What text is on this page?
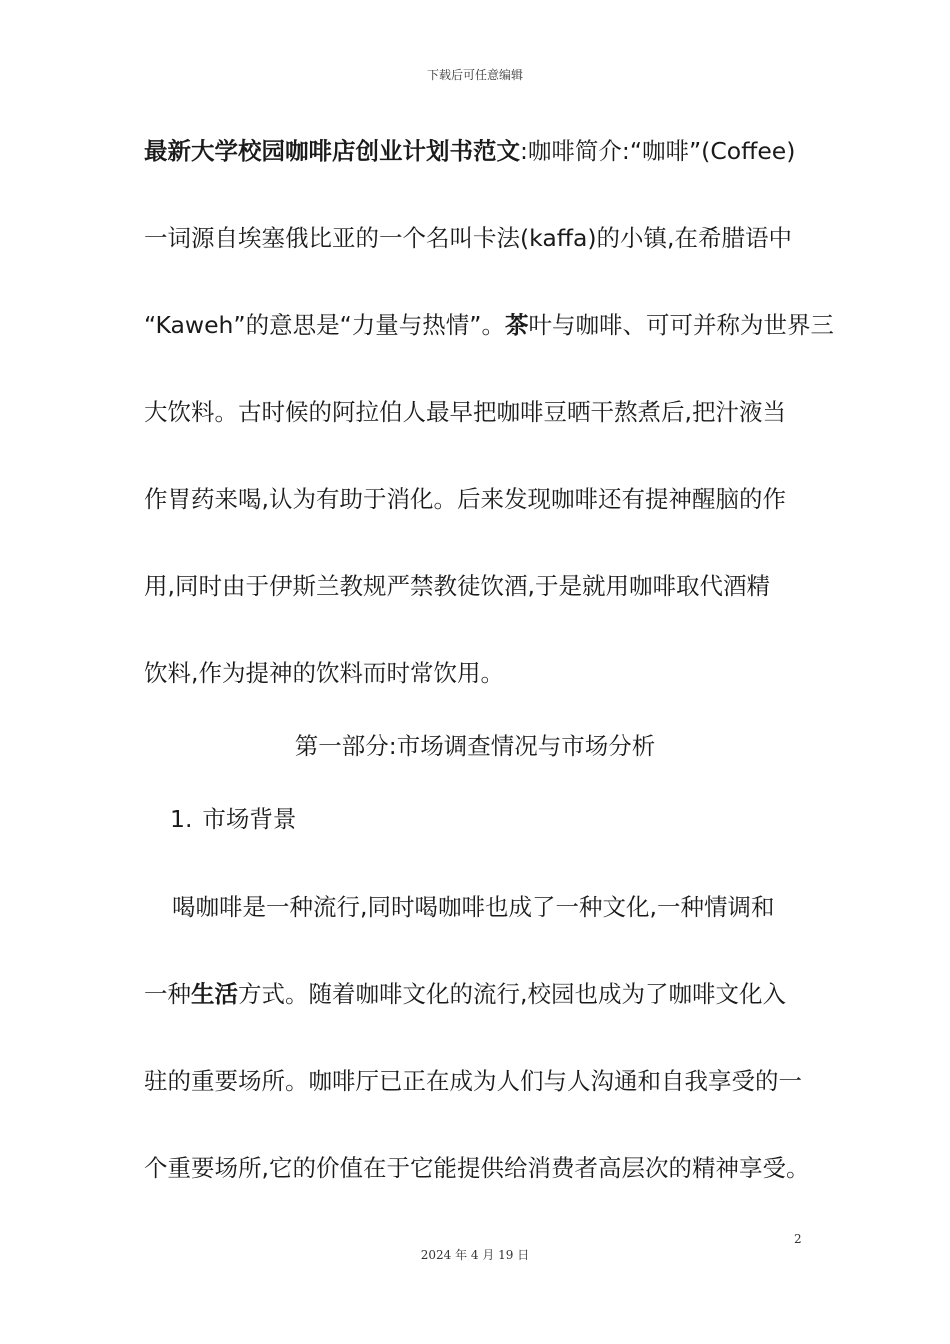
下载后可任意编辑
最新大学校园咖啡店创业计划书范文:咖啡简介:“咖啡”(Coffee)
一词源自埃塞俄比亚的一个名叫卡法(kaffa)的小镇,在希腊语中
“Kaweh”的意思是“力量与热情”。茶叶与咖啡、可可并称为世界三
大饮料。古时候的阿拉伯人最早把咖啡豆晒干熬煮后,把汁液当
作胃药来喝,认为有助于消化。后来发现咖啡还有提神醒脑的作
用,同时由于伊斯兰教规严禁教徒饮酒,于是就用咖啡取代酒精
饮料,作为提神的饮料而时常饮用。
第一部分:市场调查情况与市场分析
1. 市场背景
喝咖啡是一种流行,同时喝咖啡也成了一种文化,一种情调和
一种生活方式。随着咖啡文化的流行,校园也成为了咖啡文化入
驻的重要场所。咖啡厅已正在成为人们与人沟通和自我享受的一
个重要场所,它的价值在于它能提供给消费者高层次的精神享受。
2
2024 年 4 月 19 日
